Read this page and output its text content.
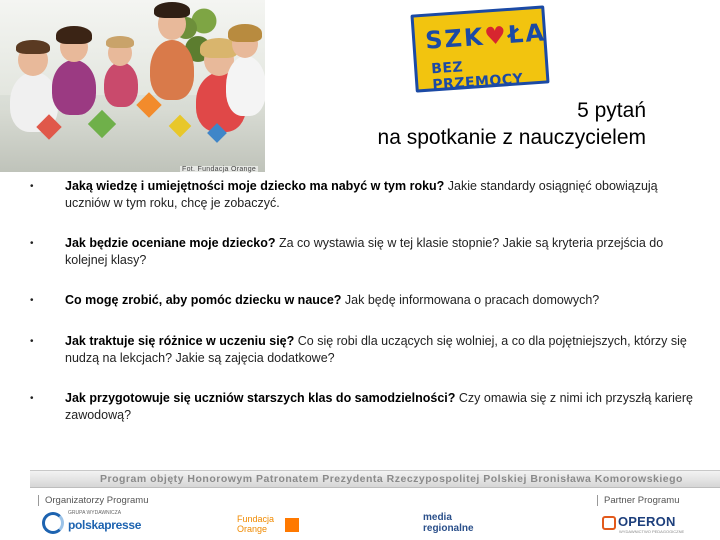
Fot. Fundacja Orange
SZK♥ŁA
BEZ PRZEMOCY
5 pytań
na spotkanie z nauczycielem
•	Jaką wiedzę i umiejętności moje dziecko ma nabyć w tym roku? Jakie standardy osiągnięć obowiązują uczniów w tym roku, chcę je zobaczyć.
•	Jak będzie oceniane moje dziecko? Za co wystawia się w tej klasie stopnie? Jakie są kryteria przejścia do kolejnej klasy?
•	Co mogę zrobić, aby pomóc dziecku w nauce? Jak będę informowana o pracach domowych?
•	Jak traktuje się różnice w uczeniu się? Co się robi dla uczących się wolniej, a co dla pojętniejszych, którzy się nudzą na lekcjach? Jakie są zajęcia dodatkowe?
•	Jak przygotowuje się uczniów starszych klas do samodzielności? Czy omawia się z nimi ich przyszłą karierę zawodową?
Program objęty Honorowym Patronatem Prezydenta Rzeczypospolitej Polskiej Bronisława Komorowskiego
Organizatorzy Programu	Partner Programu
GRUPA WYDAWNICZA
polskapresse	Fundacja
Orange
media
regionalne	OPERON
WYDAWNICTWO PEDAGOGICZNE
